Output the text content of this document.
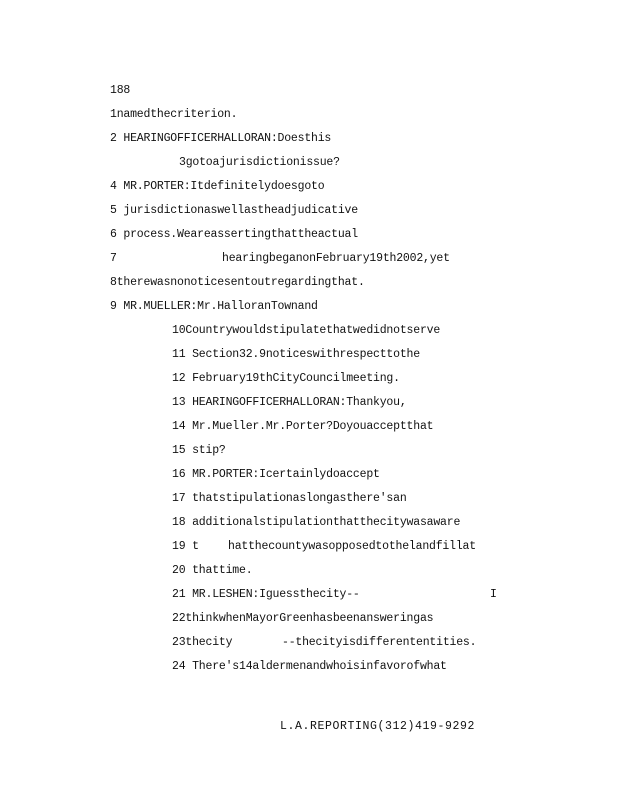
188
1namedthecriterion.
2 HEARINGOFFICERHALLORAN:Doesthis
3gotoajurisdictionissue?
4 MR.PORTER:Itdefinitelydoesgoto
5 jurisdictionaswellastheadjudicative
6 process.Weareassertingthattheactual
7	hearingbeganonFebruary19th2002,yet
8therewasnonoticesentoutregardingthat.
9 MR.MUELLER:Mr.HalloranTownand
10Countrywouldstipulatethatwedidnotserve
11 Section32.9noticeswithrespecttothe
12 February19thCityCouncilmeeting.
13 HEARINGOFFICERHALLORAN:Thankyou,
14 Mr.Mueller.Mr.Porter?Doyouacceptthat
15 stip?
16 MR.PORTER:Icertainlydoaccept
17 thatstipulationaslongasthere'san
18 additionalstipulationthatthecitywasaware
19 t	hatthecountywasopposedtothelandfillat
20 thattime.
21 MR.LESHEN:Iguessthecity--	I
22thinkwhenMayorGreenhasbeenansweringas
23thecity	--thecityisdifferententities.
24 There's14aldermenandwhoisinfavorofwhat
L.A.REPORTING(312)419-9292
